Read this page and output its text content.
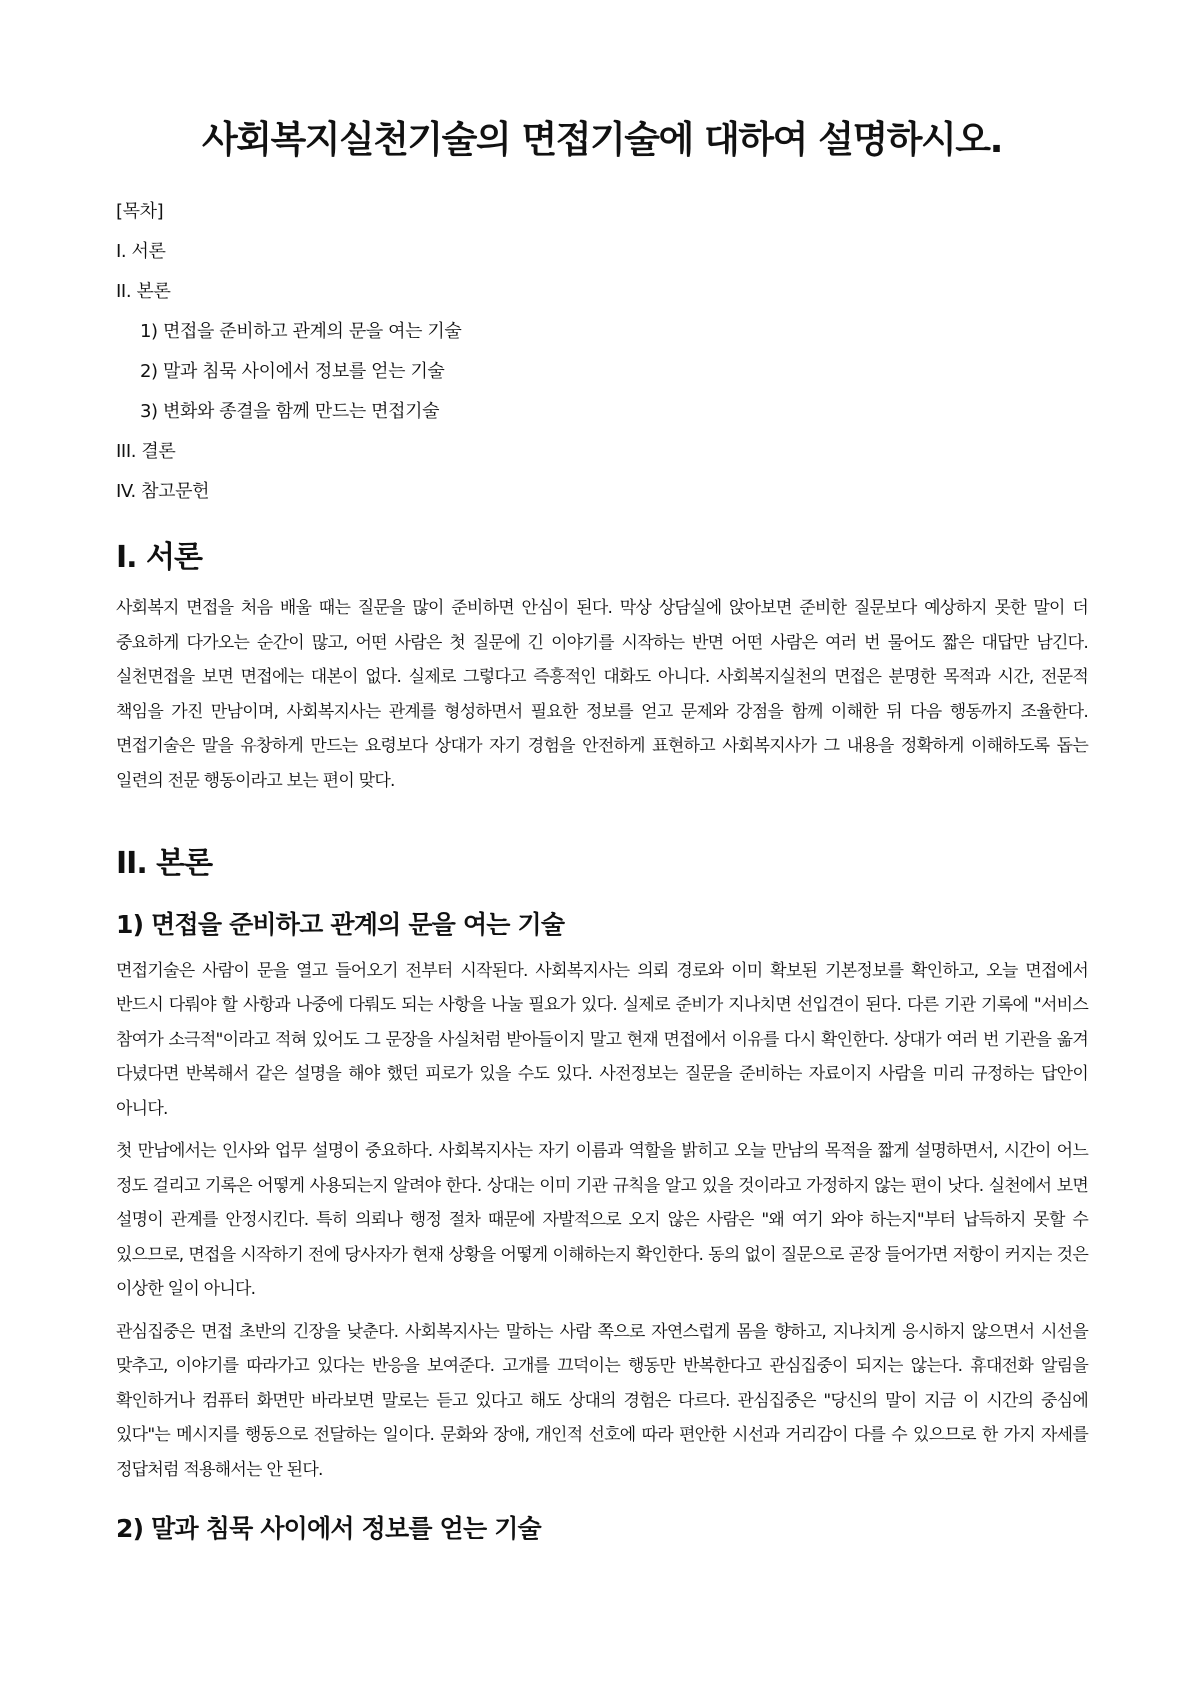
사회복지실천기술의 면접기술에 대하여 설명하시오.
[목차]
I. 서론
II. 본론
1) 면접을 준비하고 관계의 문을 여는 기술
2) 말과 침묵 사이에서 정보를 얻는 기술
3) 변화와 종결을 함께 만드는 면접기술
III. 결론
IV. 참고문헌
I. 서론

사회복지 면접을 처음 배울 때는 질문을 많이 준비하면 안심이 된다. 막상 상담실에 앉아보면 준비한 질문보다 예상하지 못한 말이 더 중요하게 다가오는 순간이 많고, 어떤 사람은 첫 질문에 긴 이야기를 시작하는 반면 어떤 사람은 여러 번 물어도 짧은 대답만 남긴다. 실천면접을 보면 면접에는 대본이 없다. 실제로 그렇다고 즉흥적인 대화도 아니다. 사회복지실천의 면접은 분명한 목적과 시간, 전문적 책임을 가진 만남이며, 사회복지사는 관계를 형성하면서 필요한 정보를 얻고 문제와 강점을 함께 이해한 뒤 다음 행동까지 조율한다. 면접기술은 말을 유창하게 만드는 요령보다 상대가 자기 경험을 안전하게 표현하고 사회복지사가 그 내용을 정확하게 이해하도록 돕는 일련의 전문 행동이라고 보는 편이 맞다.

II. 본론
1) 면접을 준비하고 관계의 문을 여는 기술

면접기술은 사람이 문을 열고 들어오기 전부터 시작된다. 사회복지사는 의뢰 경로와 이미 확보된 기본정보를 확인하고, 오늘 면접에서 반드시 다뤄야 할 사항과 나중에 다뤄도 되는 사항을 나눌 필요가 있다. 실제로 준비가 지나치면 선입견이 된다. 다른 기관 기록에 "서비스 참여가 소극적"이라고 적혀 있어도 그 문장을 사실처럼 받아들이지 말고 현재 면접에서 이유를 다시 확인한다. 상대가 여러 번 기관을 옮겨 다녔다면 반복해서 같은 설명을 해야 했던 피로가 있을 수도 있다. 사전정보는 질문을 준비하는 자료이지 사람을 미리 규정하는 답안이 아니다.

첫 만남에서는 인사와 업무 설명이 중요하다. 사회복지사는 자기 이름과 역할을 밝히고 오늘 만남의 목적을 짧게 설명하면서, 시간이 어느 정도 걸리고 기록은 어떻게 사용되는지 알려야 한다. 상대는 이미 기관 규칙을 알고 있을 것이라고 가정하지 않는 편이 낫다. 실천에서 보면 설명이 관계를 안정시킨다. 특히 의뢰나 행정 절차 때문에 자발적으로 오지 않은 사람은 "왜 여기 와야 하는지"부터 납득하지 못할 수 있으므로, 면접을 시작하기 전에 당사자가 현재 상황을 어떻게 이해하는지 확인한다. 동의 없이 질문으로 곧장 들어가면 저항이 커지는 것은 이상한 일이 아니다.

관심집중은 면접 초반의 긴장을 낮춘다. 사회복지사는 말하는 사람 쪽으로 자연스럽게 몸을 향하고, 지나치게 응시하지 않으면서 시선을 맞추고, 이야기를 따라가고 있다는 반응을 보여준다. 고개를 끄덕이는 행동만 반복한다고 관심집중이 되지는 않는다. 휴대전화 알림을 확인하거나 컴퓨터 화면만 바라보면 말로는 듣고 있다고 해도 상대의 경험은 다르다. 관심집중은 "당신의 말이 지금 이 시간의 중심에 있다"는 메시지를 행동으로 전달하는 일이다. 문화와 장애, 개인적 선호에 따라 편안한 시선과 거리감이 다를 수 있으므로 한 가지 자세를 정답처럼 적용해서는 안 된다.

2) 말과 침묵 사이에서 정보를 얻는 기술
